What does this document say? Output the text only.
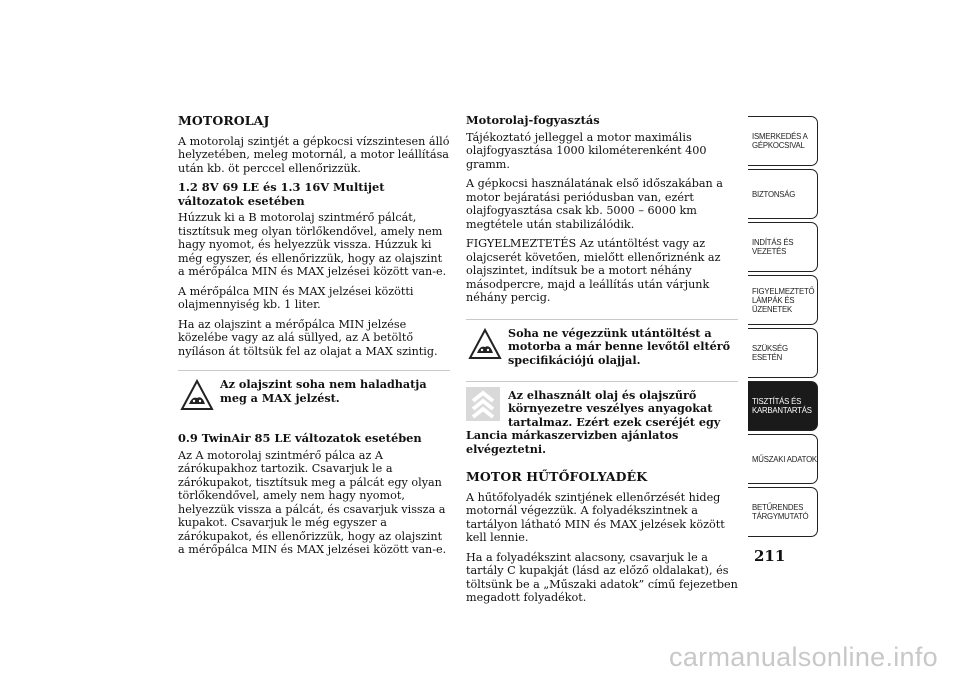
MOTOROLAJ

A motorolaj szintjét a gépkocsi vízszintesen álló helyzetében, meleg motornál, a motor leállítása után kb. öt perccel ellenőrizzük.

1.2 8V 69 LE és 1.3 16V Multijet változatok esetében

Húzzuk ki a B motorolaj szintmérő pálcát, tisztítsuk meg olyan törlőkendővel, amely nem hagy nyomot, és helyezzük vissza. Húzzuk ki még egyszer, és ellenőrizzük, hogy az olajszint a mérőpálca MIN és MAX jelzései között van-e.

A mérőpálca MIN és MAX jelzései közötti olajmennyiség kb. 1 liter.

Ha az olajszint a mérőpálca MIN jelzése közelébe vagy az alá süllyed, az A betöltő nyíláson át töltsük fel az olajat a MAX szintig.

Az olajszint soha nem haladhatja meg a MAX jelzést.

0.9 TwinAir 85 LE változatok esetében

Az A motorolaj szintmérő pálca az A zárókupakhoz tartozik. Csavarjuk le a zárókupakot, tisztítsuk meg a pálcát egy olyan törlőkendővel, amely nem hagy nyomot, helyezzük vissza a pálcát, és csavarjuk vissza a kupakot. Csavarjuk le még egyszer a zárókupakot, és ellenőrizzük, hogy az olajszint a mérőpálca MIN és MAX jelzései között van-e.

Motorolaj-fogyasztás

Tájékoztató jelleggel a motor maximális olajfogyasztása 1000 kilométerenként 400 gramm.

A gépkocsi használatának első időszakában a motor bejáratási periódusban van, ezért olajfogyasztása csak kb. 5000 – 6000 km megtétele után stabilizálódik.

FIGYELMEZTETÉS Az utántöltést vagy az olajcserét követően, mielőtt ellenőriznénk az olajszintet, indítsuk be a motort néhány másodpercre, majd a leállítás után várjunk néhány percig.

Soha ne végezzünk utántöltést a motorba a már benne levőtől eltérő specifikációjú olajjal.

Az elhasznált olaj és olajszűrő környezetre veszélyes anyagokat tartalmaz. Ezért ezek cseréjét egy Lancia márkaszervizben ajánlatos elvégeztetni.

MOTOR HŰTŐFOLYADÉK

A hűtőfolyadék szintjének ellenőrzését hideg motornál végezzük. A folyadékszintnek a tartályon látható MIN és MAX jelzések között kell lennie.

Ha a folyadékszint alacsony, csavarjuk le a tartály C kupakját (lásd az előző oldalakat), és töltsünk be a „Műszaki adatok” című fejezetben megadott folyadékot.

ISMERKEDÉS A GÉPKOCSIVAL
BIZTONSÁG
INDÍTÁS ÉS VEZETÉS
FIGYELMEZTETŐ LÁMPÁK ÉS ÜZENETEK
SZÜKSÉG ESETÉN
TISZTÍTÁS ÉS KARBANTARTÁS
MŰSZAKI ADATOK
BETŰRENDES TÁRGYMUTATÓ
211
carmanualsonline.info
